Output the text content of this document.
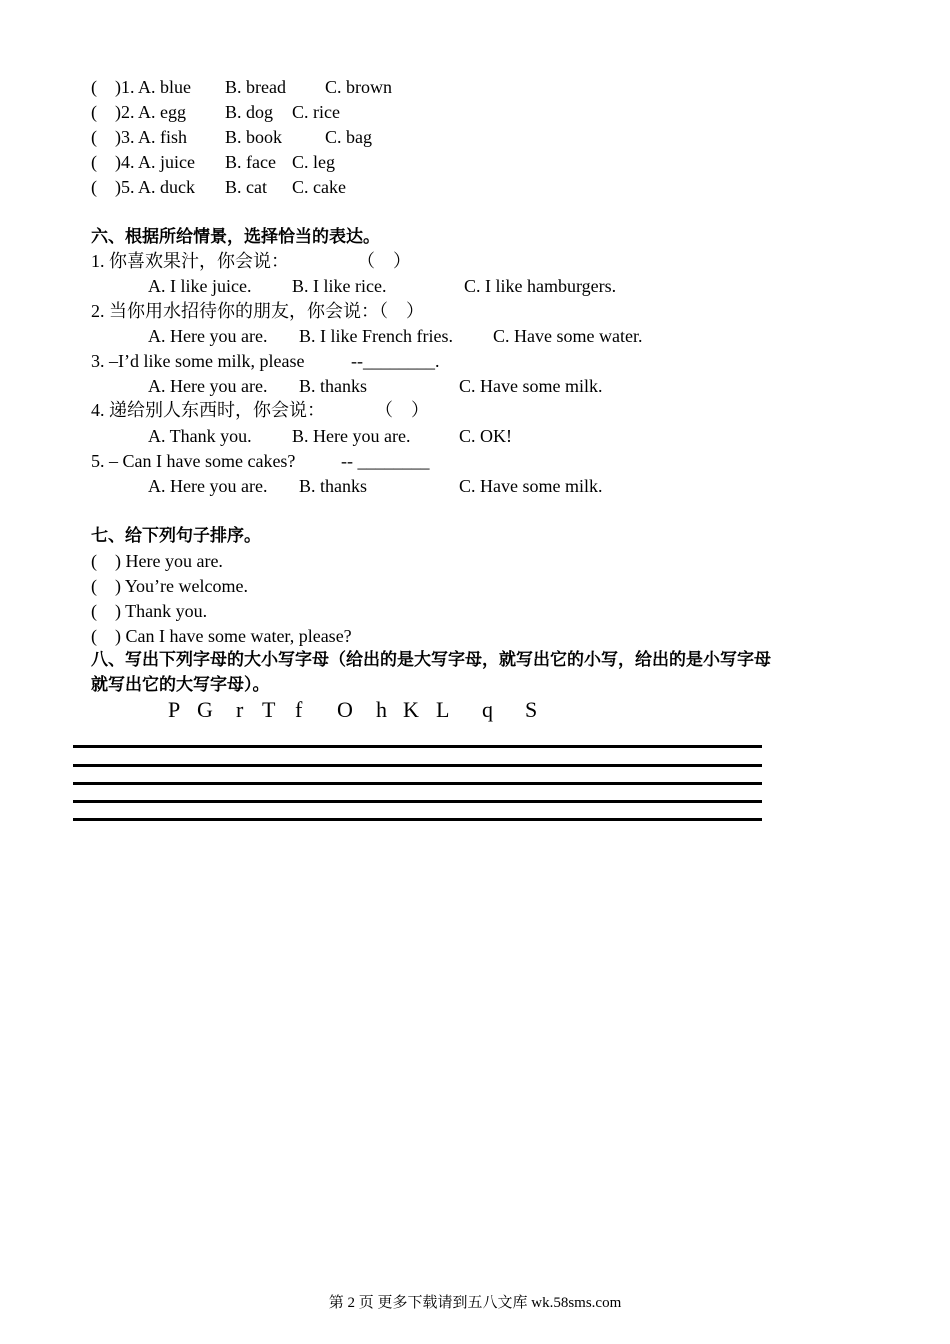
(    )1. A. blue B. bread C. brown
(    )2. A. egg B. dog C. rice
(    )3. A. fish B. book C. bag
(    )4. A. juice B. face C. leg
(    )5. A. duck B. cat C. cake
六、根据所给情景，选择恰当的表达。
1. 你喜欢果汁，你会说：	（    ）
A. I like juice. B. I like rice.	C. I like hamburgers.
2. 当你用水招待你的朋友，你会说：（    ）
A. Here you are. B. I like French fries. C. Have some water.
3. –I’d like some milk, please	--________.
A. Here you are. B. thanks	C. Have some milk.
4. 递给别人东西时，你会说：	（    ）
A. Thank you. B. Here you are.	C. OK!
5. – Can I have some cakes?	-- ________
A. Here you are. B. thanks	C. Have some milk.
七、给下列句子排序。
(    ) Here you are.
(    ) You’re welcome.
(    ) Thank you.
(    ) Can I have some water, please?
八、写出下列字母的大小写字母（给出的是大写字母，就写出它的小写，给出的是小写字母
就写出它的大写字母）。
P G r T f O h K L q S
第 2 页 更多下载请到五八文库 wk.58sms.com
